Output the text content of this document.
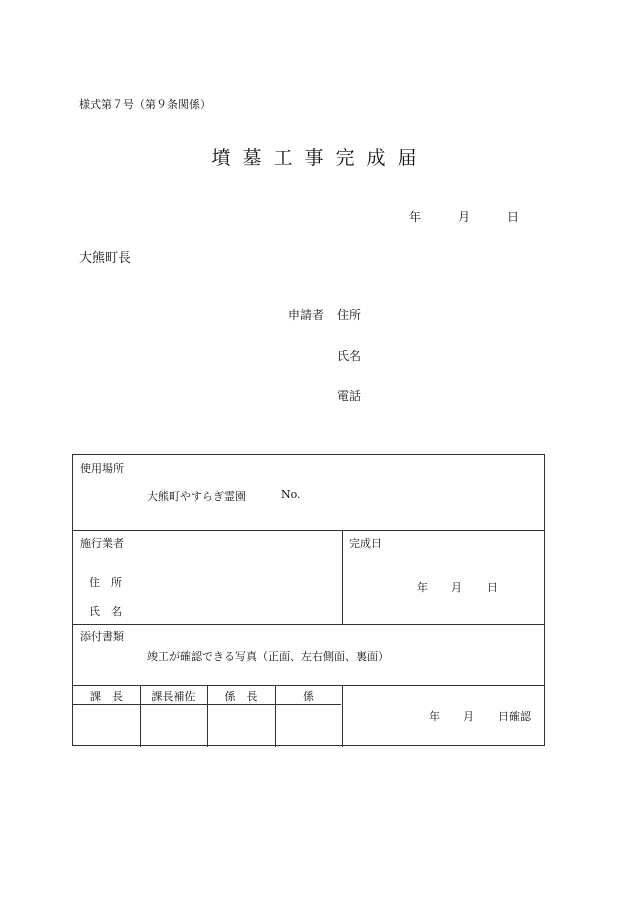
様式第７号（第９条関係）
墳墓工事完成届
年	月	日
大熊町長
申請者 住所
氏名
電話
使用場所
大熊町やすらぎ霊園	No.
施行業者
住　所
氏　名
完成日
年 月 日
添付書類
竣工が確認できる写真（正面、左右側面、裏面）
課　長	課長補佐	係　長	係
年 月 日確認
